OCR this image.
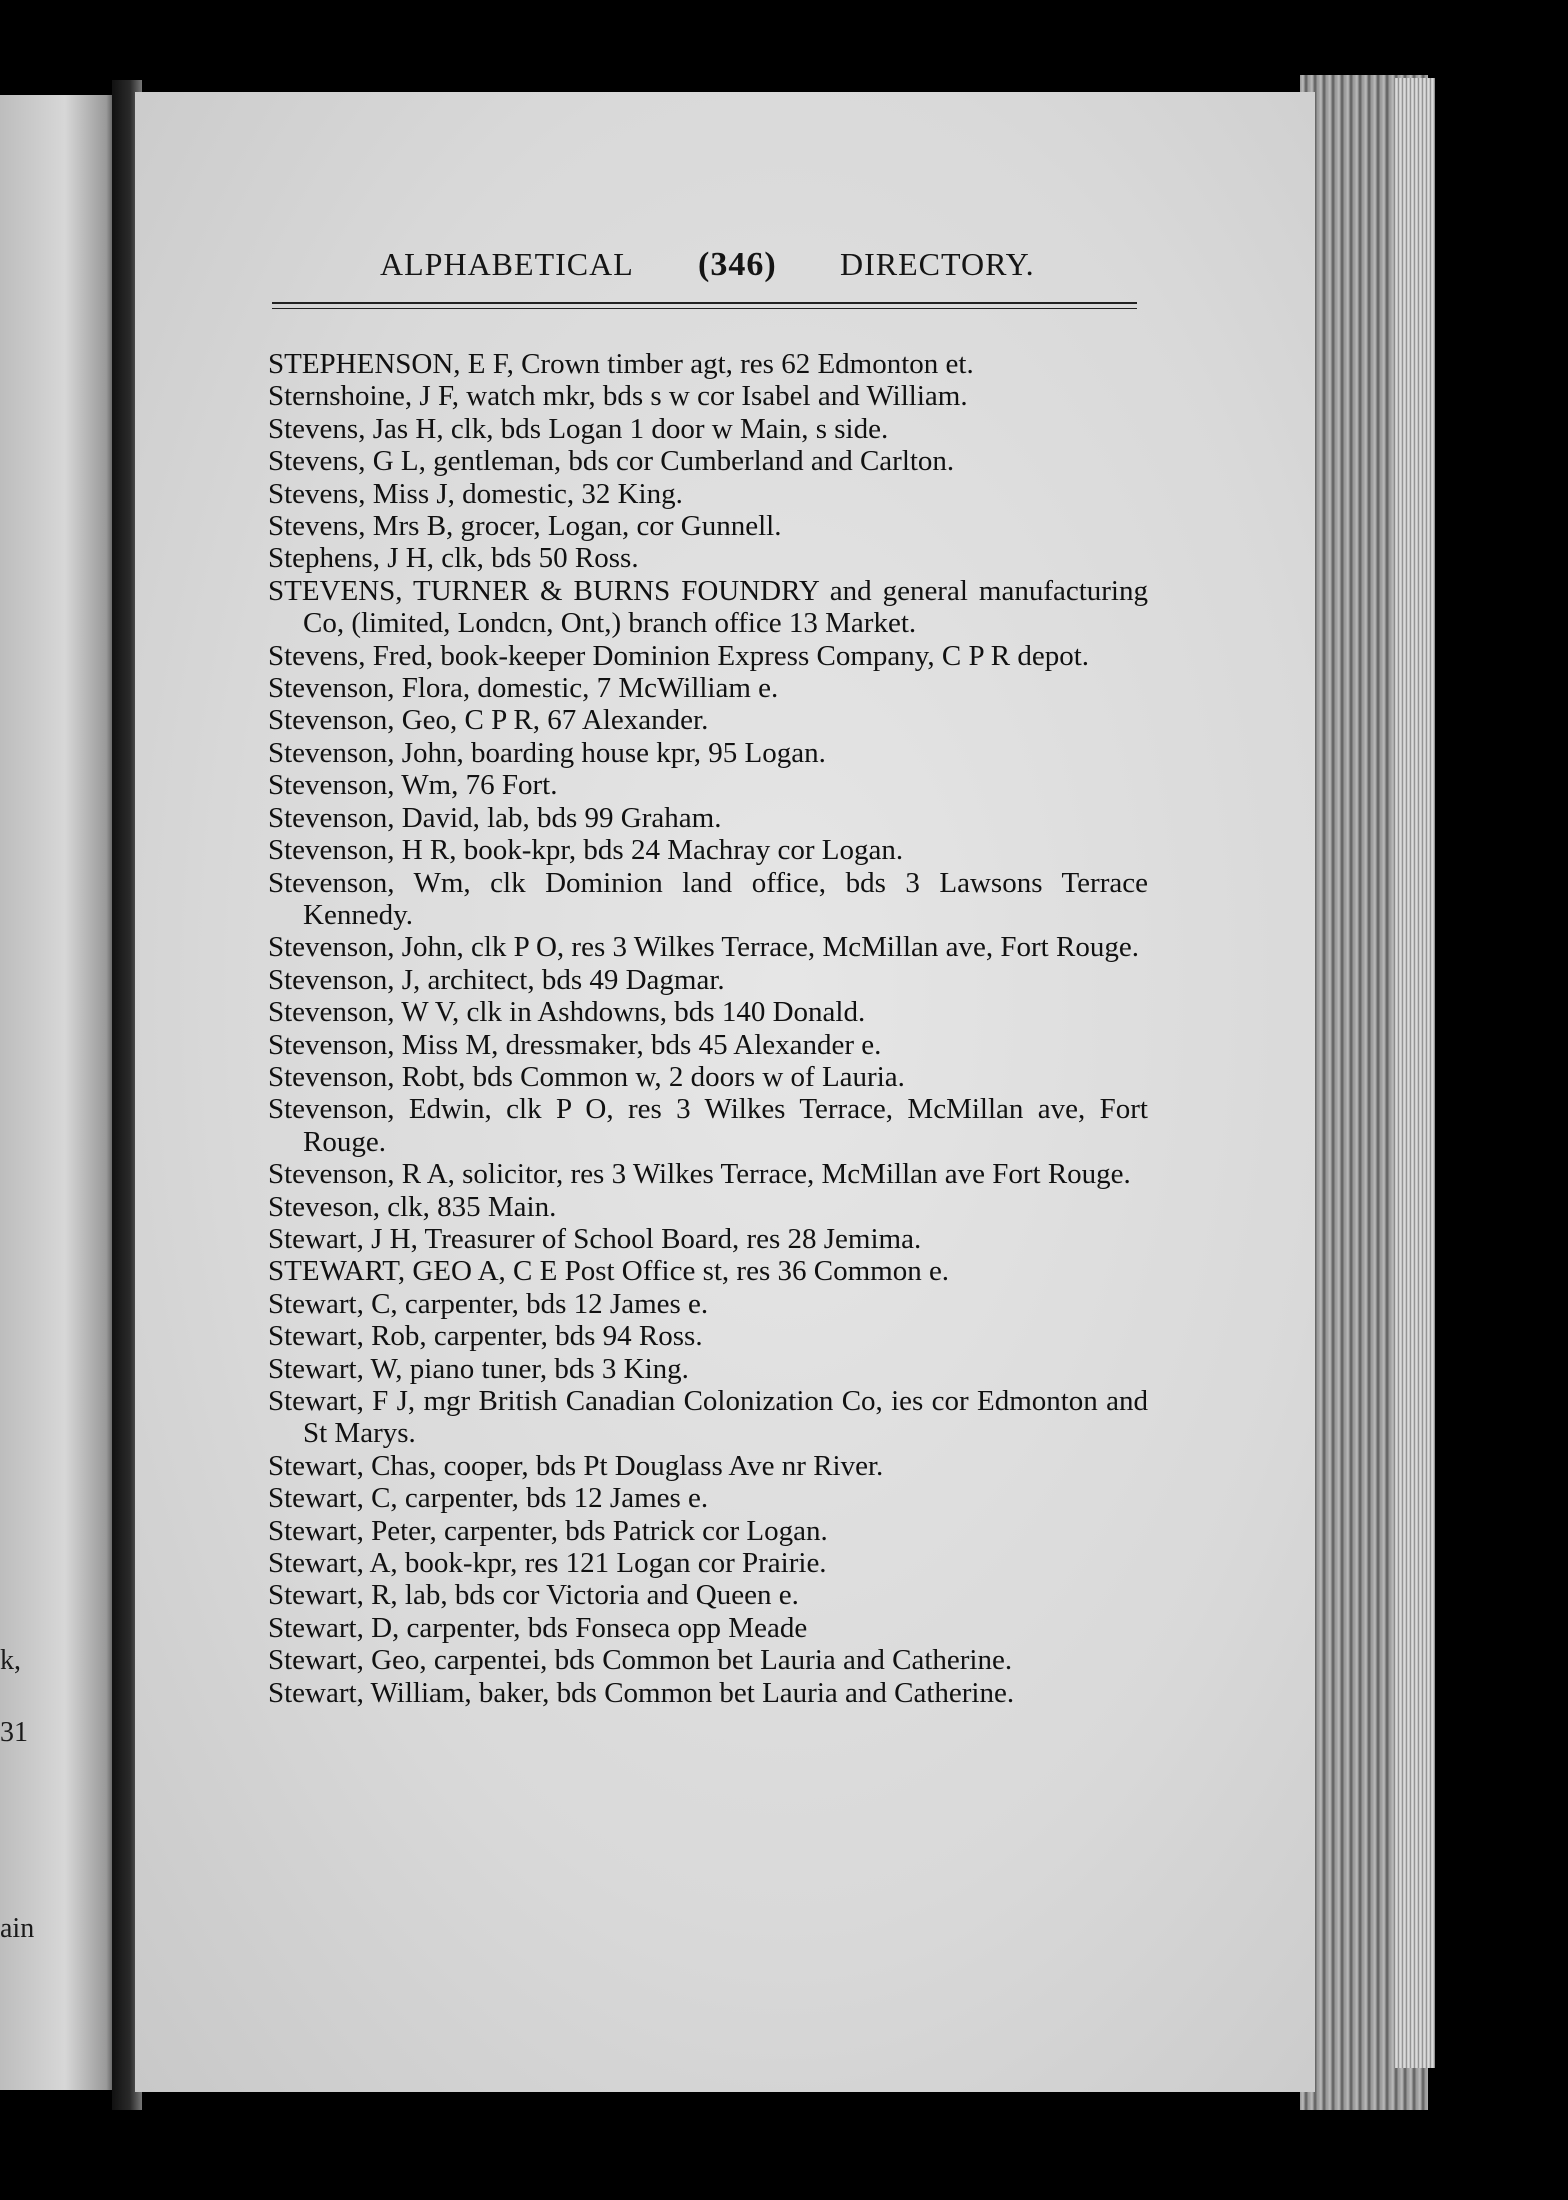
k,
31
ain
ALPHABETICAL (346) DIRECTORY.

STEPHENSON, E F, Crown timber agt, res 62 Edmonton et.

Sternshoine, J F, watch mkr, bds s w cor Isabel and William.

Stevens, Jas H, clk, bds Logan 1 door w Main, s side.

Stevens, G L, gentleman, bds cor Cumberland and Carlton.

Stevens, Miss J, domestic, 32 King.

Stevens, Mrs B, grocer, Logan, cor Gunnell.

Stephens, J H, clk, bds 50 Ross.

STEVENS, TURNER & BURNS FOUNDRY and general manufacturing Co, (limited, Londcn, Ont,) branch office 13 Market.

Stevens, Fred, book-keeper Dominion Express Company, C P R depot.

Stevenson, Flora, domestic, 7 McWilliam e.

Stevenson, Geo, C P R, 67 Alexander.

Stevenson, John, boarding house kpr, 95 Logan.

Stevenson, Wm, 76 Fort.

Stevenson, David, lab, bds 99 Graham.

Stevenson, H R, book-kpr, bds 24 Machray cor Logan.

Stevenson, Wm, clk Dominion land office, bds 3 Lawsons Terrace Kennedy.

Stevenson, John, clk P O, res 3 Wilkes Terrace, McMillan ave, Fort Rouge.

Stevenson, J, architect, bds 49 Dagmar.

Stevenson, W V, clk in Ashdowns, bds 140 Donald.

Stevenson, Miss M, dressmaker, bds 45 Alexander e.

Stevenson, Robt, bds Common w, 2 doors w of Lauria.

Stevenson, Edwin, clk P O, res 3 Wilkes Terrace, McMillan ave, Fort Rouge.

Stevenson, R A, solicitor, res 3 Wilkes Terrace, McMillan ave Fort Rouge.

Steveson, clk, 835 Main.

Stewart, J H, Treasurer of School Board, res 28 Jemima.

STEWART, GEO A, C E Post Office st, res 36 Common e.

Stewart, C, carpenter, bds 12 James e.

Stewart, Rob, carpenter, bds 94 Ross.

Stewart, W, piano tuner, bds 3 King.

Stewart, F J, mgr British Canadian Colonization Co, ies cor Edmonton and St Marys.

Stewart, Chas, cooper, bds Pt Douglass Ave nr River.

Stewart, C, carpenter, bds 12 James e.

Stewart, Peter, carpenter, bds Patrick cor Logan.

Stewart, A, book-kpr, res 121 Logan cor Prairie.

Stewart, R, lab, bds cor Victoria and Queen e.

Stewart, D, carpenter, bds Fonseca opp Meade

Stewart, Geo, carpentei, bds Common bet Lauria and Catherine.

Stewart, William, baker, bds Common bet Lauria and Catherine.
